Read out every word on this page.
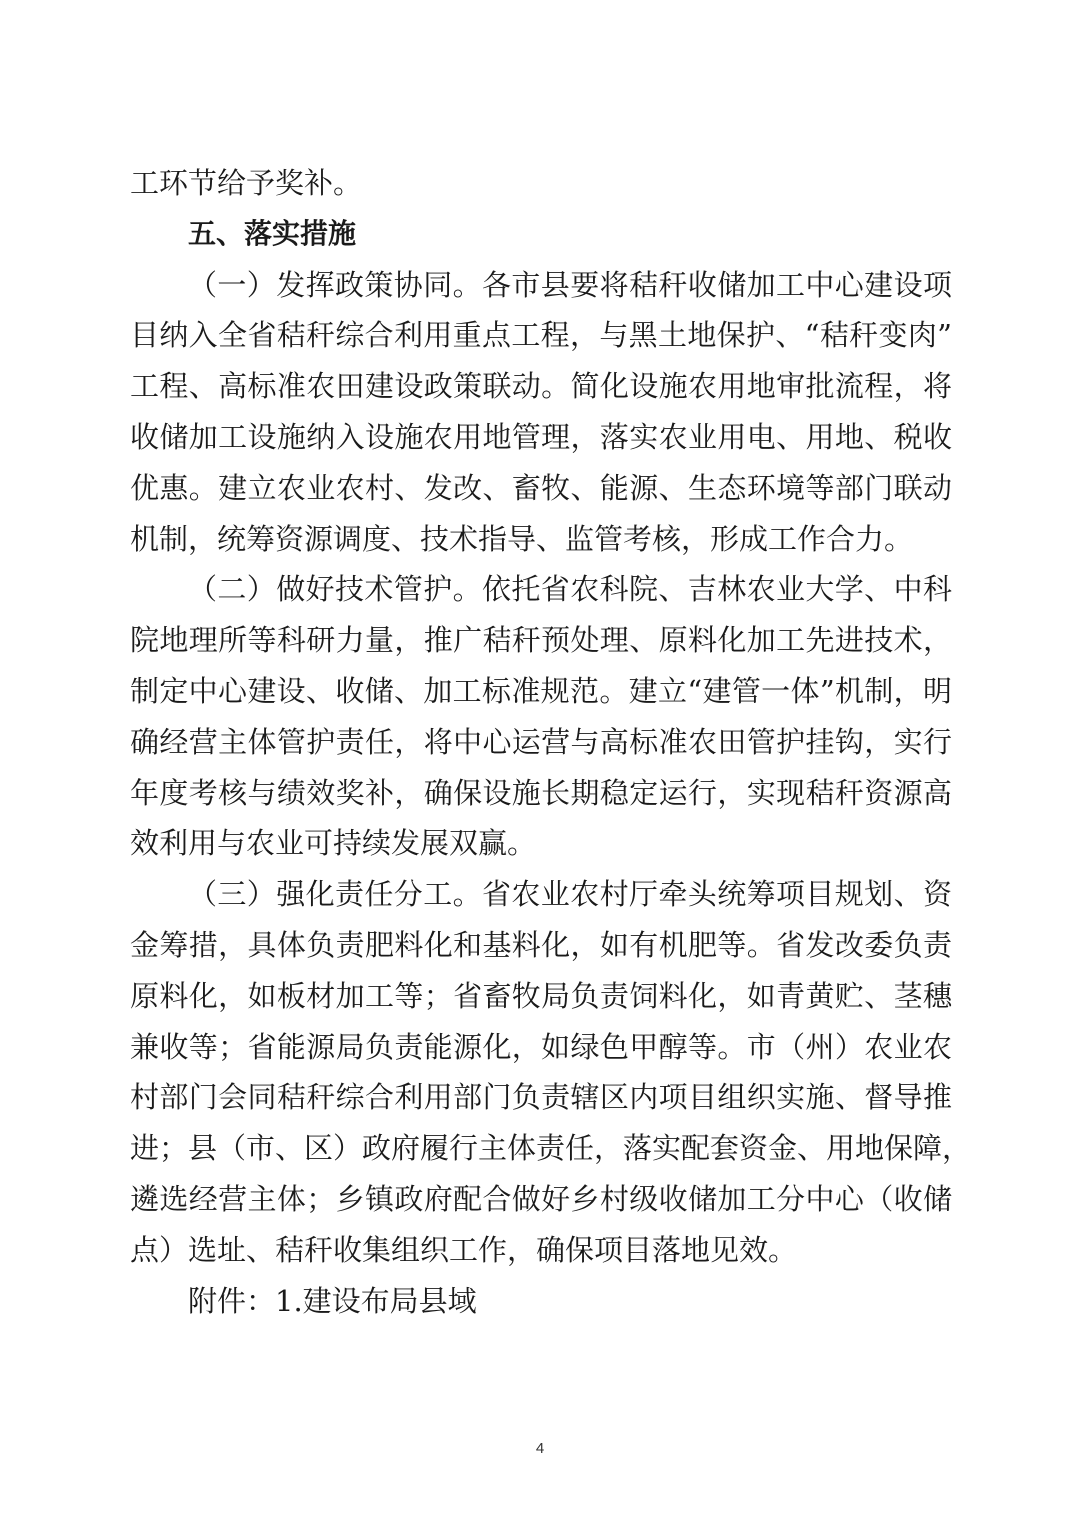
工环节给予奖补。
五、落实措施
（一）发挥政策协同。各市县要将秸秆收储加工中心建设项
目纳入全省秸秆综合利用重点工程，与黑土地保护、“秸秆变肉”
工程、高标准农田建设政策联动。简化设施农用地审批流程，将
收储加工设施纳入设施农用地管理，落实农业用电、用地、税收
优惠。建立农业农村、发改、畜牧、能源、生态环境等部门联动
机制，统筹资源调度、技术指导、监管考核，形成工作合力。
（二）做好技术管护。依托省农科院、吉林农业大学、中科
院地理所等科研力量，推广秸秆预处理、原料化加工先进技术，
制定中心建设、收储、加工标准规范。建立“建管一体”机制，明
确经营主体管护责任，将中心运营与高标准农田管护挂钩，实行
年度考核与绩效奖补，确保设施长期稳定运行，实现秸秆资源高
效利用与农业可持续发展双赢。
（三）强化责任分工。省农业农村厅牵头统筹项目规划、资
金筹措，具体负责肥料化和基料化，如有机肥等。省发改委负责
原料化，如板材加工等；省畜牧局负责饲料化，如青黄贮、茎穗
兼收等；省能源局负责能源化，如绿色甲醇等。市（州）农业农
村部门会同秸秆综合利用部门负责辖区内项目组织实施、督导推
进；县（市、区）政府履行主体责任，落实配套资金、用地保障，
遴选经营主体；乡镇政府配合做好乡村级收储加工分中心（收储
点）选址、秸秆收集组织工作，确保项目落地见效。
附件：1.建设布局县域
4
